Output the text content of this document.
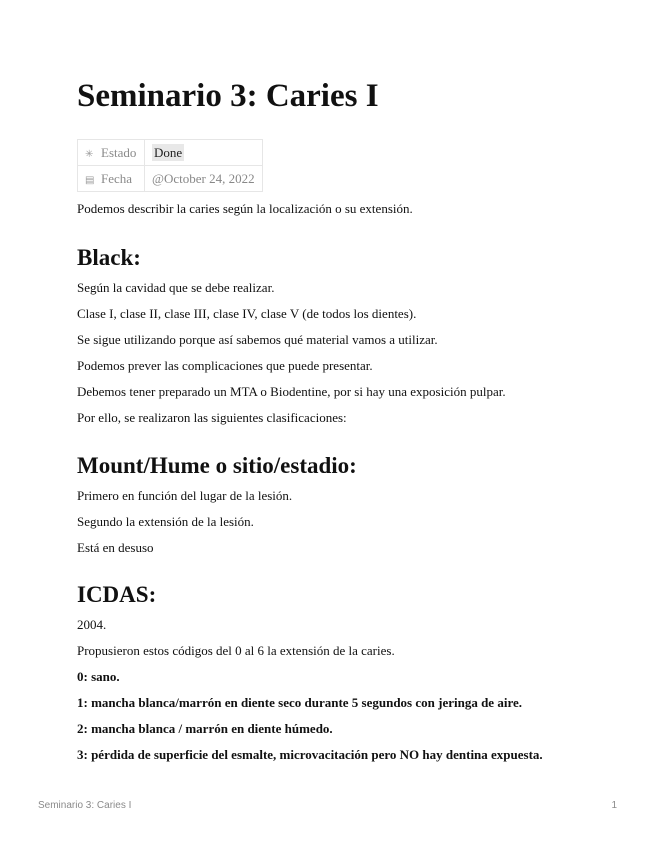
Seminario 3: Caries I
✳ Estado	Done
▤ Fecha	@October 24, 2022

Podemos describir la caries según la localización o su extensión.

Black:

Según la cavidad que se debe realizar.

Clase I, clase II, clase III, clase IV, clase V (de todos los dientes).

Se sigue utilizando porque así sabemos qué material vamos a utilizar.

Podemos prever las complicaciones que puede presentar.

Debemos tener preparado un MTA o Biodentine, por si hay una exposición pulpar.

Por ello, se realizaron las siguientes clasificaciones:

Mount/Hume o sitio/estadio:

Primero en función del lugar de la lesión.

Segundo la extensión de la lesión.

Está en desuso

ICDAS:

2004.

Propusieron estos códigos del 0 al 6 la extensión de la caries.

0: sano.

1: mancha blanca/marrón en diente seco durante 5 segundos con jeringa de aire.

2: mancha blanca / marrón en diente húmedo.

3: pérdida de superficie del esmalte, microvacitación pero NO hay dentina expuesta.

Seminario 3: Caries I	1
